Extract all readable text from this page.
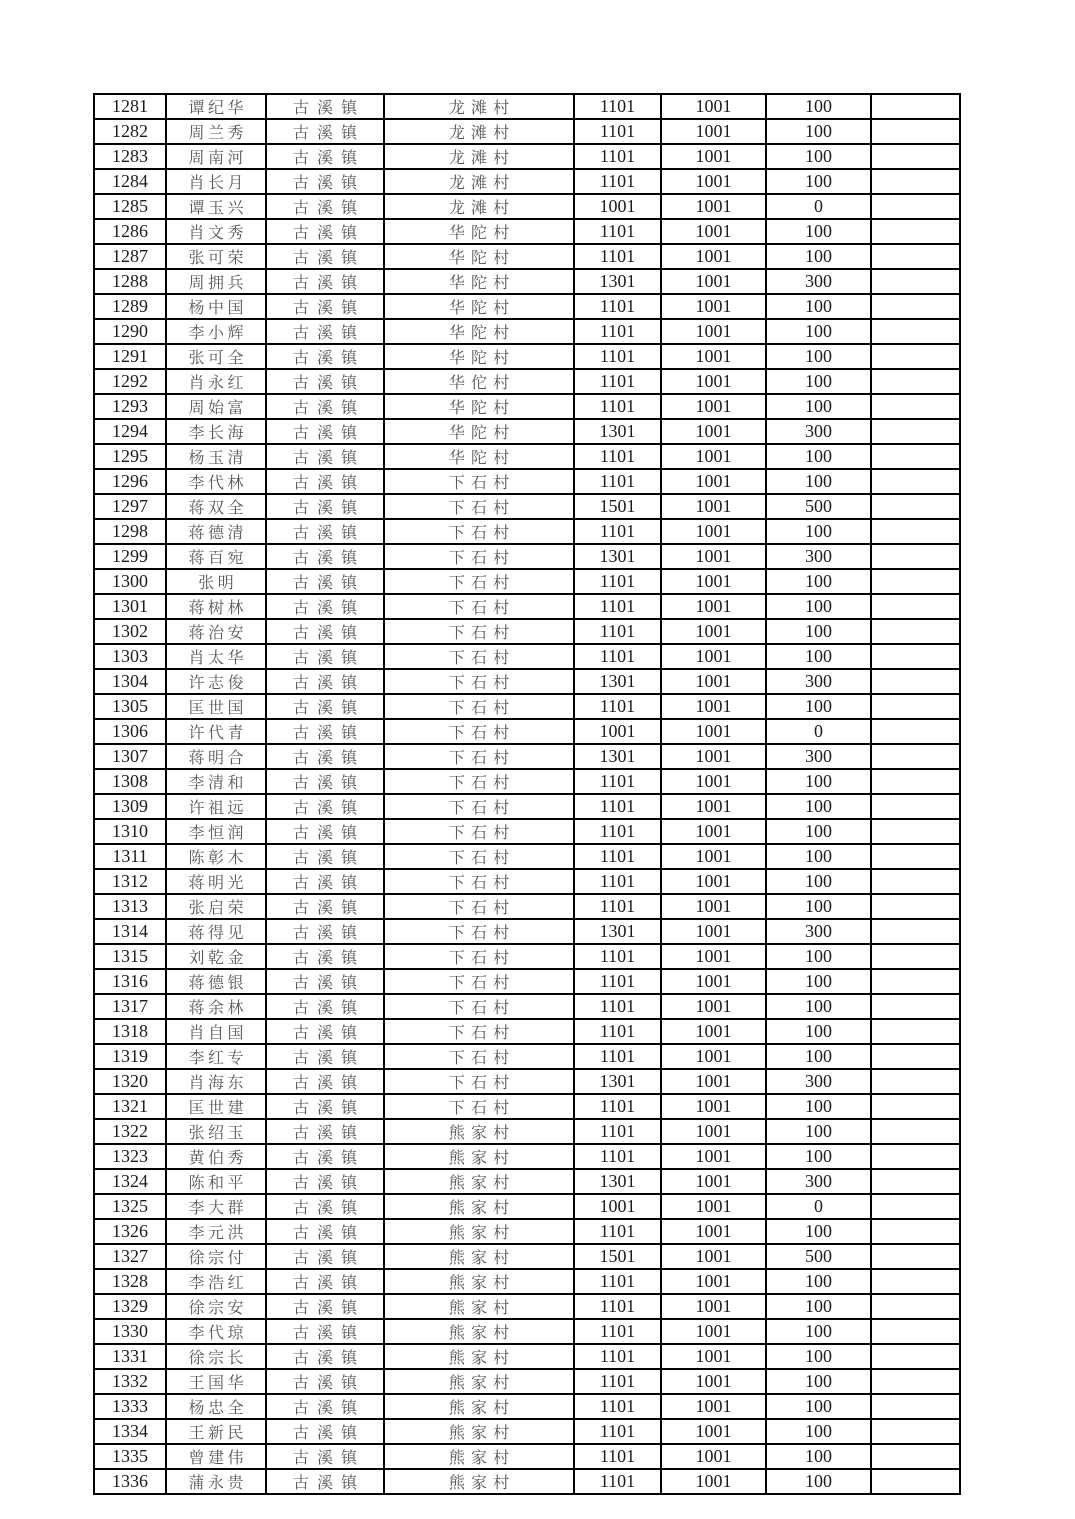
1281	谭纪华	古溪镇	龙滩村	1101	1001	100	
1282	周兰秀	古溪镇	龙滩村	1101	1001	100	
1283	周南河	古溪镇	龙滩村	1101	1001	100	
1284	肖长月	古溪镇	龙滩村	1101	1001	100	
1285	谭玉兴	古溪镇	龙滩村	1001	1001	0	
1286	肖文秀	古溪镇	华陀村	1101	1001	100	
1287	张可荣	古溪镇	华陀村	1101	1001	100	
1288	周拥兵	古溪镇	华陀村	1301	1001	300	
1289	杨中国	古溪镇	华陀村	1101	1001	100	
1290	李小辉	古溪镇	华陀村	1101	1001	100	
1291	张可全	古溪镇	华陀村	1101	1001	100	
1292	肖永红	古溪镇	华佗村	1101	1001	100	
1293	周始富	古溪镇	华陀村	1101	1001	100	
1294	李长海	古溪镇	华陀村	1301	1001	300	
1295	杨玉清	古溪镇	华陀村	1101	1001	100	
1296	李代林	古溪镇	下石村	1101	1001	100	
1297	蒋双全	古溪镇	下石村	1501	1001	500	
1298	蒋德清	古溪镇	下石村	1101	1001	100	
1299	蒋百宛	古溪镇	下石村	1301	1001	300	
1300	张明	古溪镇	下石村	1101	1001	100	
1301	蒋树林	古溪镇	下石村	1101	1001	100	
1302	蒋治安	古溪镇	下石村	1101	1001	100	
1303	肖太华	古溪镇	下石村	1101	1001	100	
1304	许志俊	古溪镇	下石村	1301	1001	300	
1305	匡世国	古溪镇	下石村	1101	1001	100	
1306	许代青	古溪镇	下石村	1001	1001	0	
1307	蒋明合	古溪镇	下石村	1301	1001	300	
1308	李清和	古溪镇	下石村	1101	1001	100	
1309	许祖远	古溪镇	下石村	1101	1001	100	
1310	李恒润	古溪镇	下石村	1101	1001	100	
1311	陈彰木	古溪镇	下石村	1101	1001	100	
1312	蒋明光	古溪镇	下石村	1101	1001	100	
1313	张启荣	古溪镇	下石村	1101	1001	100	
1314	蒋得见	古溪镇	下石村	1301	1001	300	
1315	刘乾金	古溪镇	下石村	1101	1001	100	
1316	蒋德银	古溪镇	下石村	1101	1001	100	
1317	蒋余林	古溪镇	下石村	1101	1001	100	
1318	肖自国	古溪镇	下石村	1101	1001	100	
1319	李红专	古溪镇	下石村	1101	1001	100	
1320	肖海东	古溪镇	下石村	1301	1001	300	
1321	匡世建	古溪镇	下石村	1101	1001	100	
1322	张绍玉	古溪镇	熊家村	1101	1001	100	
1323	黄伯秀	古溪镇	熊家村	1101	1001	100	
1324	陈和平	古溪镇	熊家村	1301	1001	300	
1325	李大群	古溪镇	熊家村	1001	1001	0	
1326	李元洪	古溪镇	熊家村	1101	1001	100	
1327	徐宗付	古溪镇	熊家村	1501	1001	500	
1328	李浩红	古溪镇	熊家村	1101	1001	100	
1329	徐宗安	古溪镇	熊家村	1101	1001	100	
1330	李代琼	古溪镇	熊家村	1101	1001	100	
1331	徐宗长	古溪镇	熊家村	1101	1001	100	
1332	王国华	古溪镇	熊家村	1101	1001	100	
1333	杨忠全	古溪镇	熊家村	1101	1001	100	
1334	王新民	古溪镇	熊家村	1101	1001	100	
1335	曾建伟	古溪镇	熊家村	1101	1001	100	
1336	蒲永贵	古溪镇	熊家村	1101	1001	100	
